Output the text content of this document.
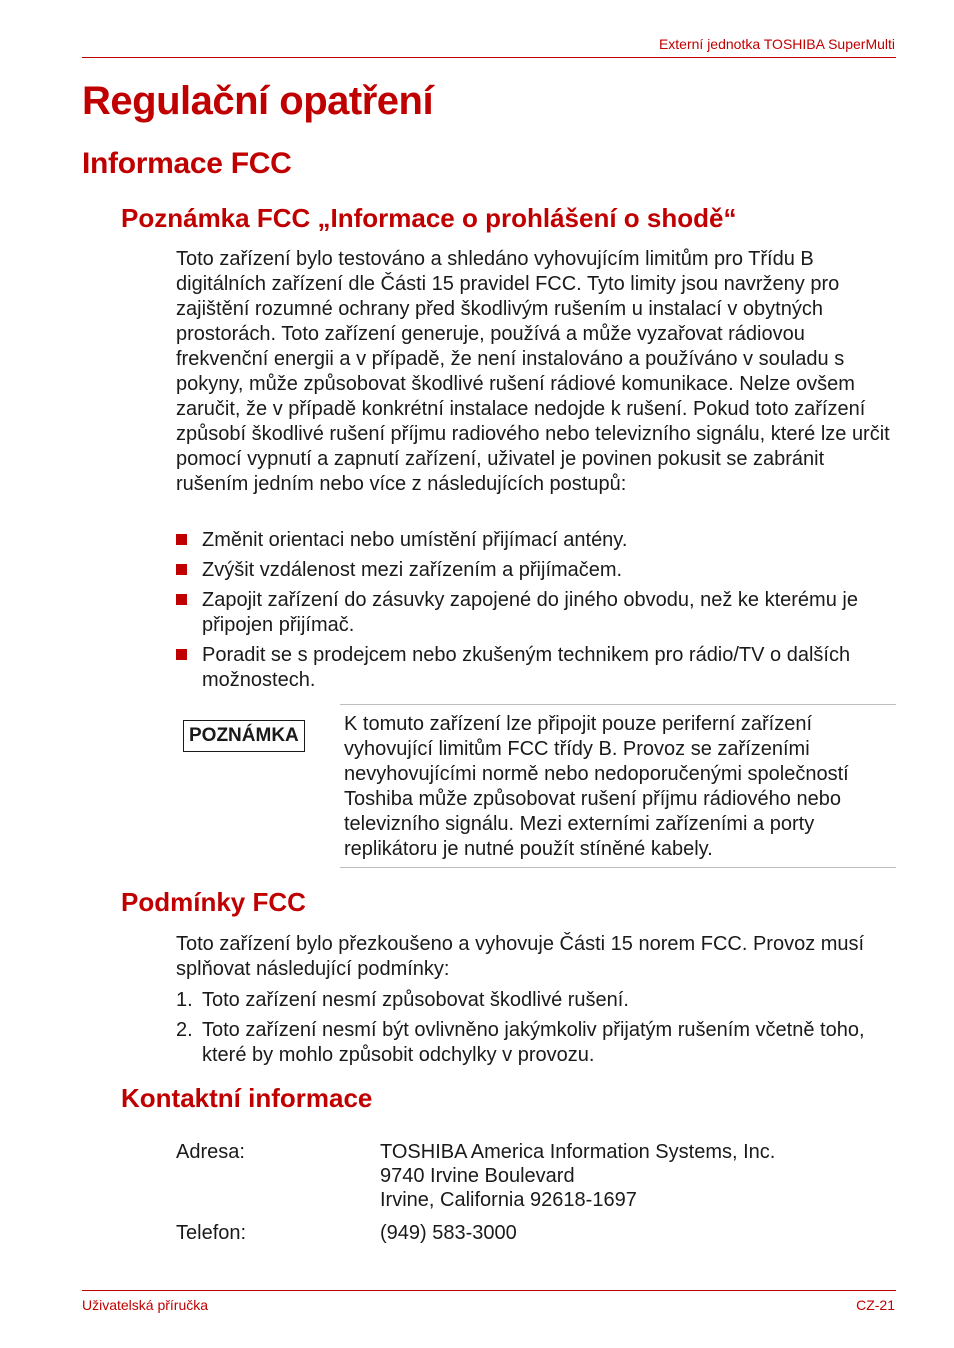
Externí jednotka TOSHIBA SuperMulti
Regulační opatření
Informace FCC
Poznámka FCC „Informace o prohlášení o shodě“

Toto zařízení bylo testováno a shledáno vyhovujícím limitům pro Třídu B digitálních zařízení dle Části 15 pravidel FCC. Tyto limity jsou navrženy pro zajištění rozumné ochrany před škodlivým rušením u instalací v obytných prostorách. Toto zařízení generuje, používá a může vyzařovat rádiovou frekvenční energii a v případě, že není instalováno a používáno v souladu s pokyny, může způsobovat škodlivé rušení rádiové komunikace. Nelze ovšem zaručit, že v případě konkrétní instalace nedojde k rušení. Pokud toto zařízení způsobí škodlivé rušení příjmu radiového nebo televizního signálu, které lze určit pomocí vypnutí a zapnutí zařízení, uživatel je povinen pokusit se zabránit rušením jedním nebo více z následujících postupů:

Změnit orientaci nebo umístění přijímací antény.
Zvýšit vzdálenost mezi zařízením a přijímačem.
Zapojit zařízení do zásuvky zapojené do jiného obvodu, než ke kterému je připojen přijímač.
Poradit se s prodejcem nebo zkušeným technikem pro rádio/TV o dalších možnostech.
POZNÁMKA

K tomuto zařízení lze připojit pouze periferní zařízení vyhovující limitům FCC třídy B. Provoz se zařízeními nevyhovujícími normě nebo nedoporučenými společností Toshiba může způsobovat rušení příjmu rádiového nebo televizního signálu. Mezi externími zařízeními a porty replikátoru je nutné použít stíněné kabely.

Podmínky FCC

Toto zařízení bylo přezkoušeno a vyhovuje Části 15 norem FCC. Provoz musí splňovat následující podmínky:

1. Toto zařízení nesmí způsobovat škodlivé rušení.
2. Toto zařízení nesmí být ovlivněno jakýmkoliv přijatým rušením včetně toho, které by mohlo způsobit odchylky v provozu.
Kontaktní informace
Adresa:	TOSHIBA America Information Systems, Inc.
9740 Irvine Boulevard
Irvine, California 92618-1697
Telefon:	(949) 583-3000
Uživatelská příručka	CZ-21
